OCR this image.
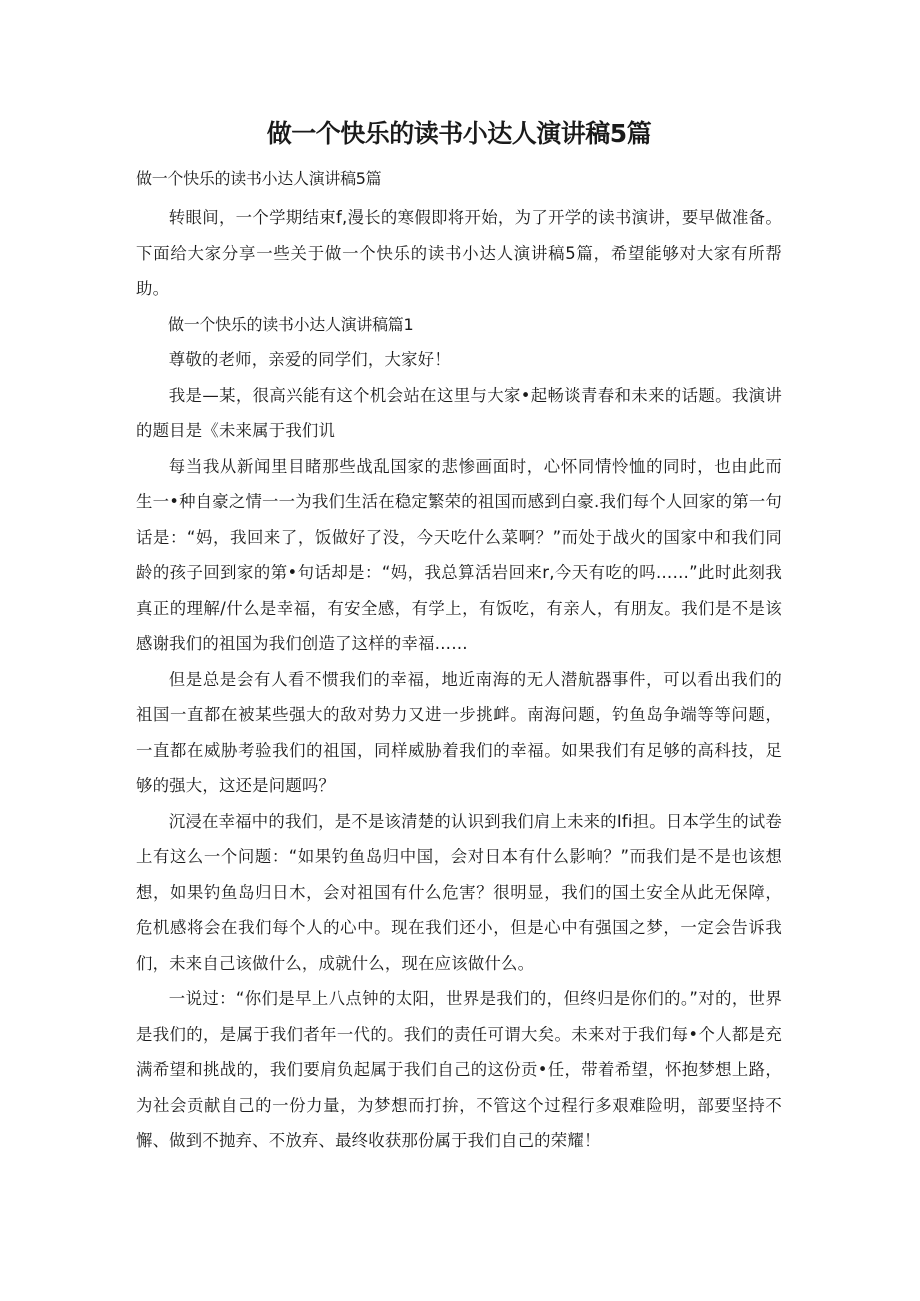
做一个快乐的读书小达人演讲稿5篇

做一个快乐的读书小达人演讲稿5篇

转眼间，一个学期结束f,漫长的寒假即将开始，为了开学的读书演讲，要早做准备。下面给大家分享一些关于做一个快乐的读书小达人演讲稿5篇，希望能够对大家有所帮助。

做一个快乐的读书小达人演讲稿篇1

尊敬的老师，亲爱的同学们，大家好！

我是—某，很高兴能有这个机会站在这里与大家•起畅谈青春和未来的话题。我演讲的题目是《未来属于我们讥

每当我从新闻里目睹那些战乱国家的悲惨画面时，心怀同情怜恤的同时，也由此而生一•种自豪之情一一为我们生活在稳定繁荣的祖国而感到白豪.我们每个人回家的第一句话是：“妈，我回来了，饭做好了没，今天吃什么菜啊？”而处于战火的国家中和我们同龄的孩子回到家的第•句话却是：“妈，我总算活岩回来r,今天有吃的吗……”此时此刻我真正的理解/什么是幸福，有安全感，有学上，有饭吃，有亲人，有朋友。我们是不是该感谢我们的祖国为我们创造了这样的幸福……

但是总是会有人看不惯我们的幸福，地近南海的无人潜航器事件，可以看出我们的祖国一直都在被某些强大的敌对势力又进一步挑衅。南海问题，钓鱼岛争端等等问题，一直都在威胁考验我们的祖国，同样威胁着我们的幸福。如果我们有足够的高科技，足够的强大，这还是问题吗？

沉浸在幸福中的我们，是不是该清楚的认识到我们肩上未来的Ifi担。日本学生的试卷上有这么一个问题：“如果钓鱼岛归中国，会对日本有什么影响？”而我们是不是也该想想，如果钓鱼岛归日木，会对祖国有什么危害？很明显，我们的国土安全从此无保障，危机感将会在我们每个人的心中。现在我们还小，但是心中有强国之梦，一定会告诉我们，未来自己该做什么，成就什么，现在应该做什么。

一说过：“你们是早上八点钟的太阳，世界是我们的，但终归是你们的。”对的，世界是我们的，是属于我们者年一代的。我们的责任可谓大矣。未来对于我们每•个人都是充满希望和挑战的，我们要肩负起属于我们自己的这份贡•任，带着希望，怀抱梦想上路，为社会贡献自己的一份力量，为梦想而打拚，不管这个过程行多艰难险明，部要坚持不懈、做到不抛弃、不放弃、最终收获那份属于我们自己的荣耀！
